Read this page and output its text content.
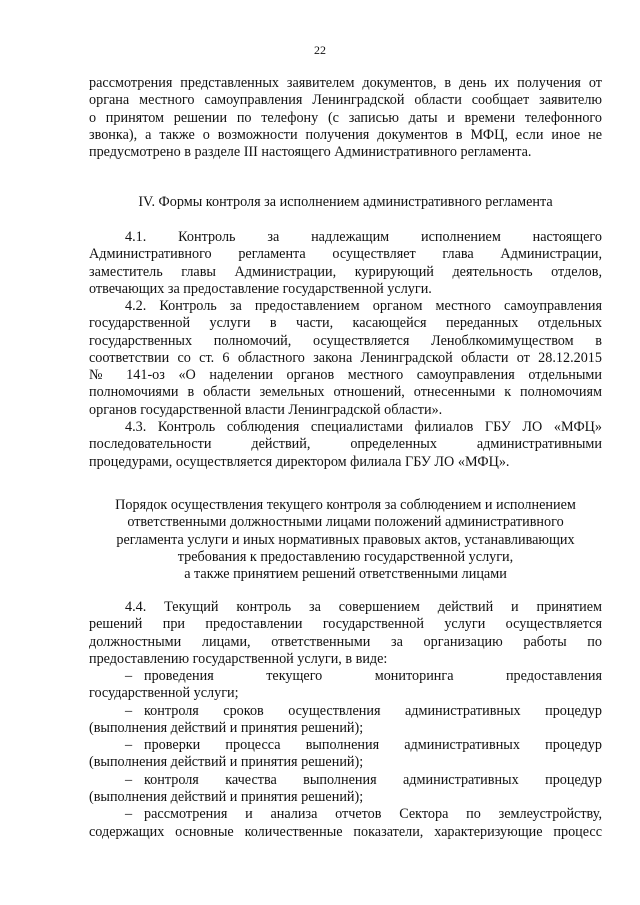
22

рассмотрения представленных заявителем документов, в день их получения от

органа местного самоуправления Ленинградской области сообщает заявителю

о принятом решении по телефону (с записью даты и времени телефонного

звонка), а также о возможности получения документов в МФЦ, если иное не

предусмотрено в разделе III настоящего Административного регламента.

IV. Формы контроля за исполнением административного регламента

4.1. Контроль за надлежащим исполнением настоящего

Административного регламента осуществляет глава Администрации,

заместитель главы Администрации, курирующий деятельность отделов,

отвечающих за предоставление государственной услуги.

4.2. Контроль за предоставлением органом местного самоуправления

государственной услуги в части, касающейся переданных отдельных

государственных полномочий, осуществляется Леноблкомимуществом в

соответствии со ст. 6 областного закона Ленинградской области от 28.12.2015

№ 141-оз «О наделении органов местного самоуправления отдельными

полномочиями в области земельных отношений, отнесенными к полномочиям

органов государственной власти Ленинградской области».

4.3. Контроль соблюдения специалистами филиалов ГБУ ЛО «МФЦ»

последовательности действий, определенных административными

процедурами, осуществляется директором филиала ГБУ ЛО «МФЦ».

Порядок осуществления текущего контроля за соблюдением и исполнением

ответственными должностными лицами положений административного

регламента услуги и иных нормативных правовых актов, устанавливающих

требования к предоставлению государственной услуги,

а также принятием решений ответственными лицами

4.4. Текущий контроль за совершением действий и принятием

решений при предоставлении государственной услуги осуществляется

должностными лицами, ответственными за организацию работы по

предоставлению государственной услуги, в виде:

– проведения текущего мониторинга предоставления

государственной услуги;

– контроля сроков осуществления административных процедур

(выполнения действий и принятия решений);

– проверки процесса выполнения административных процедур

(выполнения действий и принятия решений);

– контроля качества выполнения административных процедур

(выполнения действий и принятия решений);

– рассмотрения и анализа отчетов Сектора по землеустройству,

содержащих основные количественные показатели, характеризующие процесс
